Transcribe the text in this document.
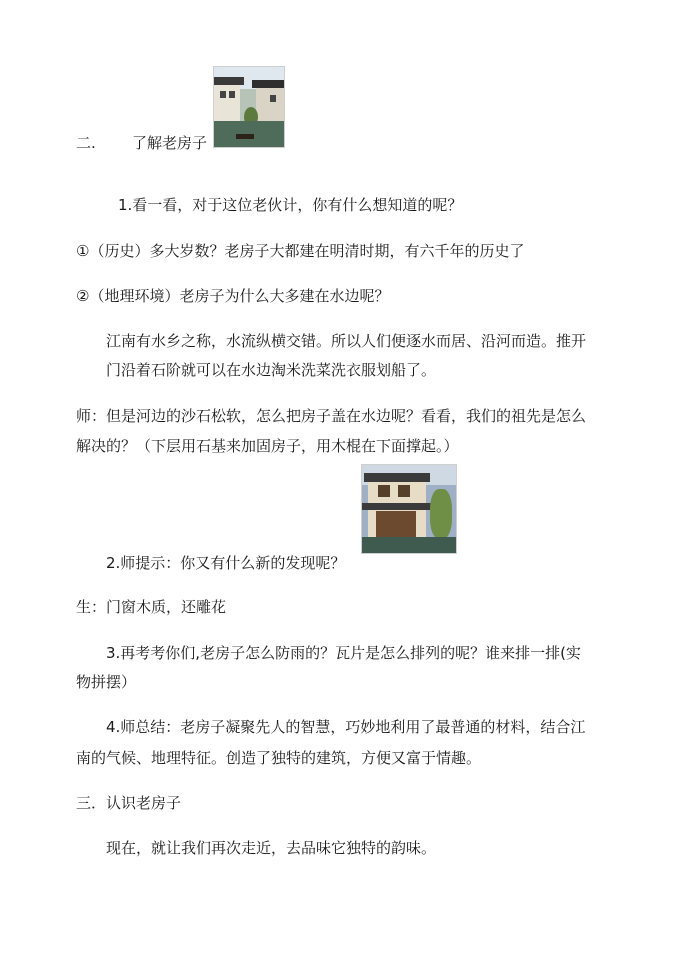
二. 了解老房子

1.看一看，对于这位老伙计，你有什么想知道的呢？

①（历史）多大岁数？老房子大都建在明清时期，有六千年的历史了

②（地理环境）老房子为什么大多建在水边呢？

江南有水乡之称，水流纵横交错。所以人们便逐水而居、沿河而造。推开

门沿着石阶就可以在水边淘米洗菜洗衣服划船了。

师：但是河边的沙石松软，怎么把房子盖在水边呢？看看，我们的祖先是怎么

解决的？（下层用石基来加固房子，用木棍在下面撑起。）

2.师提示：你又有什么新的发现呢？

生：门窗木质，还雕花

3.再考考你们,老房子怎么防雨的？瓦片是怎么排列的呢？谁来排一排(实

物拼摆）

4.师总结：老房子凝聚先人的智慧，巧妙地利用了最普通的材料，结合江

南的气候、地理特征。创造了独特的建筑，方便又富于情趣。

三．认识老房子

现在，就让我们再次走近，去品味它独特的韵味。
